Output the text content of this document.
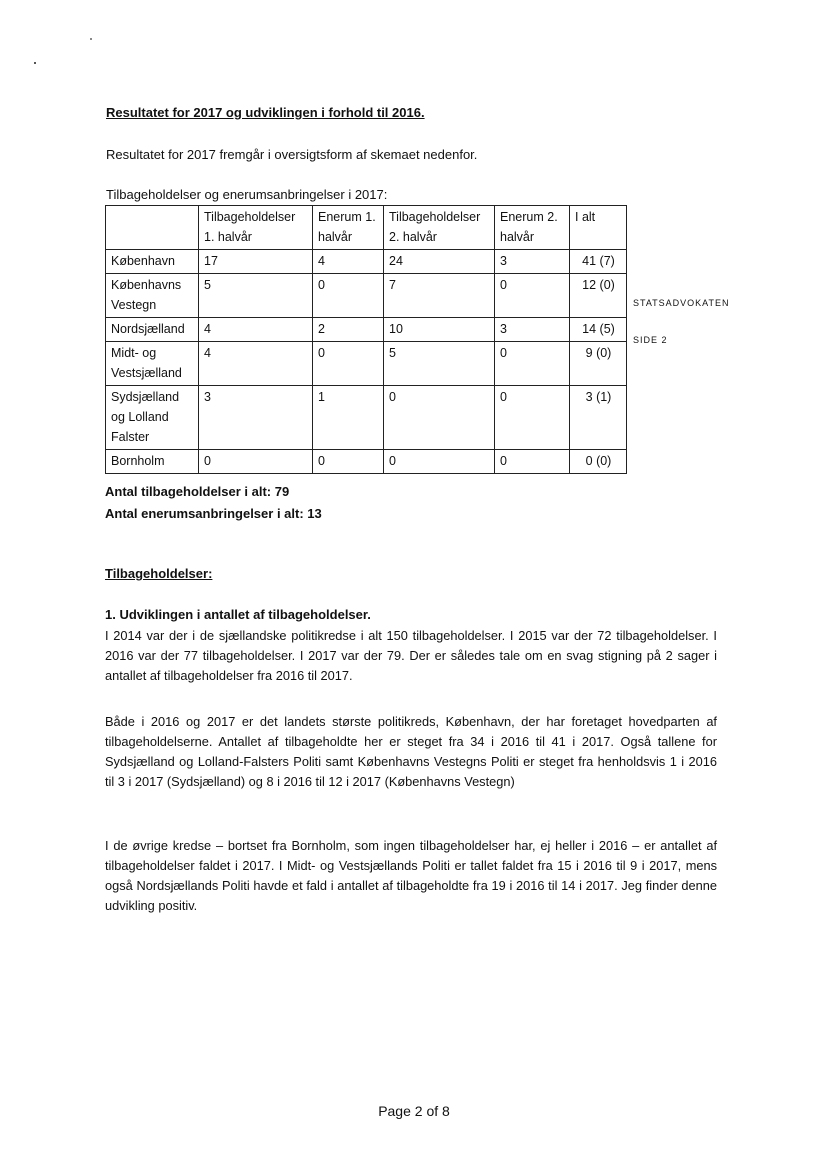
Resultatet for 2017 og udviklingen i forhold til 2016.
Resultatet for 2017 fremgår i oversigtsform af skemaet nedenfor.
Tilbageholdelser og enerumsanbringelser i 2017:
	Tilbageholdelser 1. halvår	Enerum 1. halvår	Tilbageholdelser 2. halvår	Enerum 2. halvår	I alt
København	17	4	24	3	41 (7)
Københavns Vestegn	5	0	7	0	12 (0)
Nordsjælland	4	2	10	3	14 (5)
Midt- og Vestsjælland	4	0	5	0	9 (0)
Sydsjælland og Lolland Falster	3	1	0	0	3 (1)
Bornholm	0	0	0	0	0 (0)
STATSADVOKATEN
SIDE 2
Antal tilbageholdelser i alt: 79
Antal enerumsanbringelser i alt: 13
Tilbageholdelser:
1. Udviklingen i antallet af tilbageholdelser.
I 2014 var der i de sjællandske politikredse i alt 150 tilbageholdelser. I 2015 var der 72 tilbageholdelser. I 2016 var der 77 tilbageholdelser. I 2017 var der 79. Der er således tale om en svag stigning på 2 sager i antallet af tilbageholdelser fra 2016 til 2017.
Både i 2016 og 2017 er det landets største politikreds, København, der har foretaget hovedparten af tilbageholdelserne. Antallet af tilbageholdte her er steget fra 34 i 2016 til 41 i 2017. Også tallene for Sydsjælland og Lolland-Falsters Politi samt Københavns Vestegns Politi er steget fra henholdsvis 1 i 2016 til 3 i 2017 (Sydsjælland) og 8 i 2016 til 12 i 2017 (Københavns Vestegn)
I de øvrige kredse – bortset fra Bornholm, som ingen tilbageholdelser har, ej heller i 2016 – er antallet af tilbageholdelser faldet i 2017. I Midt- og Vestsjællands Politi er tallet faldet fra 15 i 2016 til 9 i 2017, mens også Nordsjællands Politi havde et fald i antallet af tilbageholdte fra 19 i 2016 til 14 i 2017. Jeg finder denne udvikling positiv.
Page 2 of 8
